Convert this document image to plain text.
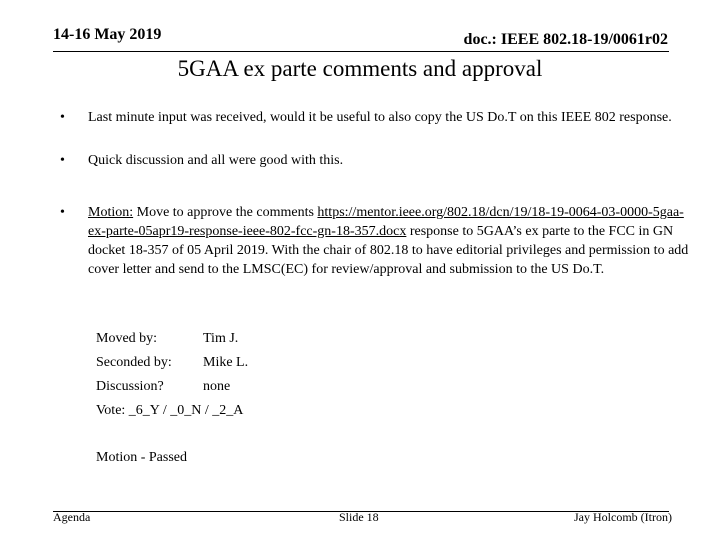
14-16 May 2019	doc.: IEEE 802.18-19/0061r02
5GAA ex parte comments and approval
• Last minute input was received, would it be useful to also copy the US Do.T on this IEEE 802 response.
• Quick discussion and all were good with this.
• Motion: Move to approve the comments https://mentor.ieee.org/802.18/dcn/19/18-19-0064-03-0000-5gaa-ex-parte-05apr19-response-ieee-802-fcc-gn-18-357.docx response to 5GAA’s ex parte to the FCC in GN docket 18-357 of 05 April 2019. With the chair of 802.18 to have editorial privileges and permission to add cover letter and send to the LMSC(EC) for review/approval and submission to the US Do.T.
Moved by:	Tim J.
Seconded by: Mike L.
Discussion?	none
Vote: _6_Y / _0_N / _2_A
Motion - Passed
Agenda	Slide 18	Jay Holcomb (Itron)
